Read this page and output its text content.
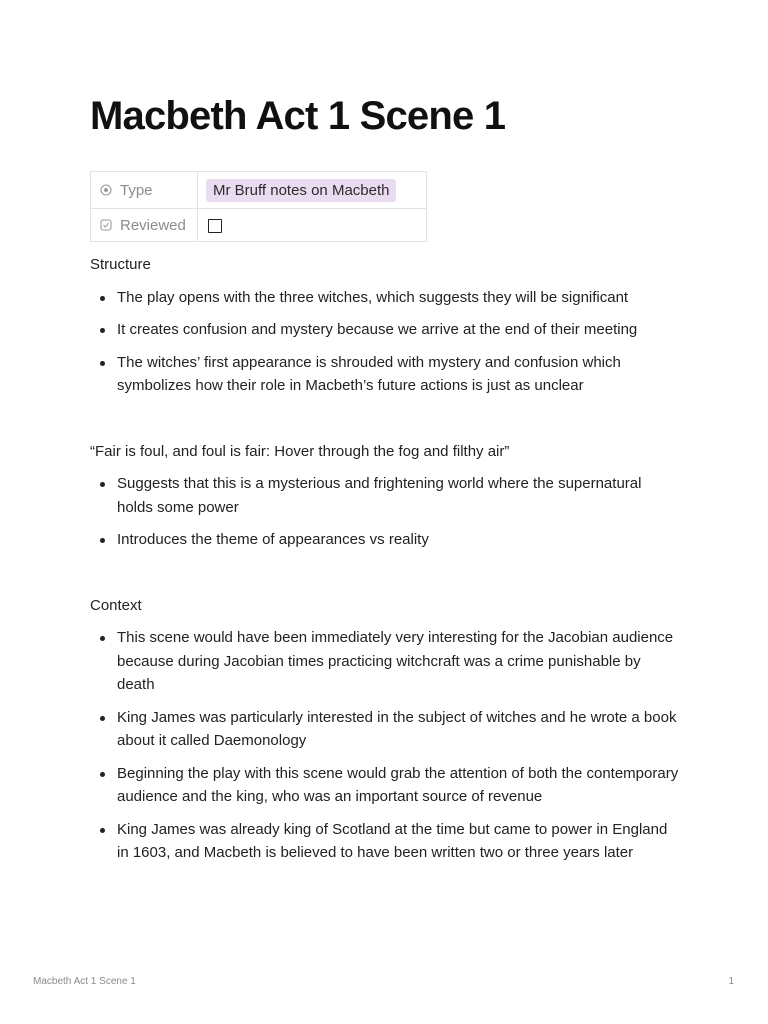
Macbeth Act 1 Scene 1
Type	Mr Bruff notes on Macbeth
Reviewed	

Structure

The play opens with the three witches, which suggests they will be significant
It creates confusion and mystery because we arrive at the end of their meeting
The witches’ first appearance is shrouded with mystery and confusion which symbolizes how their role in Macbeth’s future actions is just as unclear

“Fair is foul, and foul is fair: Hover through the fog and filthy air”

Suggests that this is a mysterious and frightening world where the supernatural holds some power
Introduces the theme of appearances vs reality

Context

This scene would have been immediately very interesting for the Jacobian audience because during Jacobian times practicing witchcraft was a crime punishable by death
King James was particularly interested in the subject of witches and he wrote a book about it called Daemonology
Beginning the play with this scene would grab the attention of both the contemporary audience and the king, who was an important source of revenue
King James was already king of Scotland at the time but came to power in England in 1603, and Macbeth is believed to have been written two or three years later
Macbeth Act 1 Scene 1	1
